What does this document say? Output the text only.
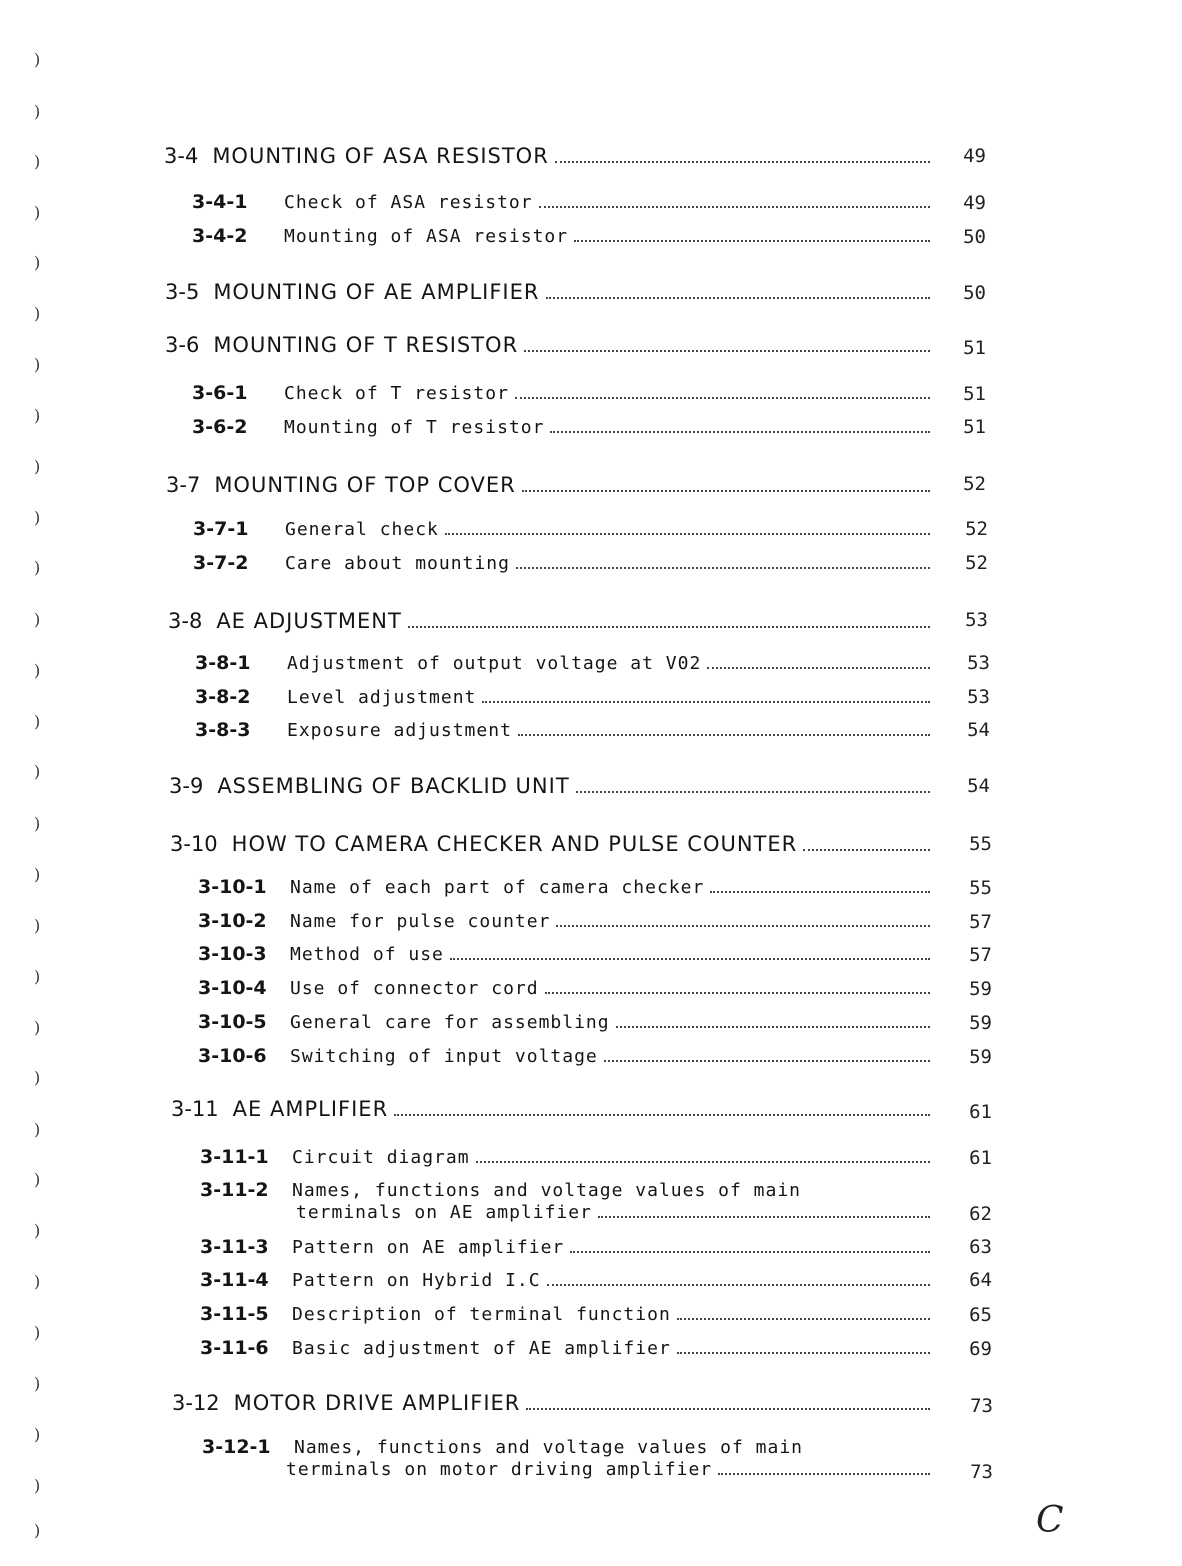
)
)
)
)
)
)
)
)
)
)
)
)
)
)
)
)
)
)
)
)
)
)
)
)
)
)
)
)
)
)
3-4 MOUNTING OF ASA RESISTOR	49
3-4-1	Check of ASA resistor	49
3-4-2	Mounting of ASA resistor	50
3-5 MOUNTING OF AE AMPLIFIER	50
3-6 MOUNTING OF T RESISTOR	51
3-6-1	Check of T resistor	51
3-6-2	Mounting of T resistor	51
3-7 MOUNTING OF TOP COVER	52
3-7-1	General check	52
3-7-2	Care about mounting	52
3-8 AE ADJUSTMENT	53
3-8-1	Adjustment of output voltage at V02	53
3-8-2	Level adjustment	53
3-8-3	Exposure adjustment	54
3-9 ASSEMBLING OF BACKLID UNIT	54
3-10 HOW TO CAMERA CHECKER AND PULSE COUNTER	55
3-10-1	Name of each part of camera checker	55
3-10-2	Name for pulse counter	57
3-10-3	Method of use	57
3-10-4	Use of connector cord	59
3-10-5	General care for assembling	59
3-10-6	Switching of input voltage	59
3-11 AE AMPLIFIER	61
3-11-1	Circuit diagram	61
3-11-2	Names, functions and voltage values of main
terminals on AE amplifier	62
3-11-3	Pattern on AE amplifier	63
3-11-4	Pattern on Hybrid I.C	64
3-11-5	Description of terminal function	65
3-11-6	Basic adjustment of AE amplifier	69
3-12 MOTOR DRIVE AMPLIFIER	73
3-12-1	Names, functions and voltage values of main
terminals on motor driving amplifier	73
C
